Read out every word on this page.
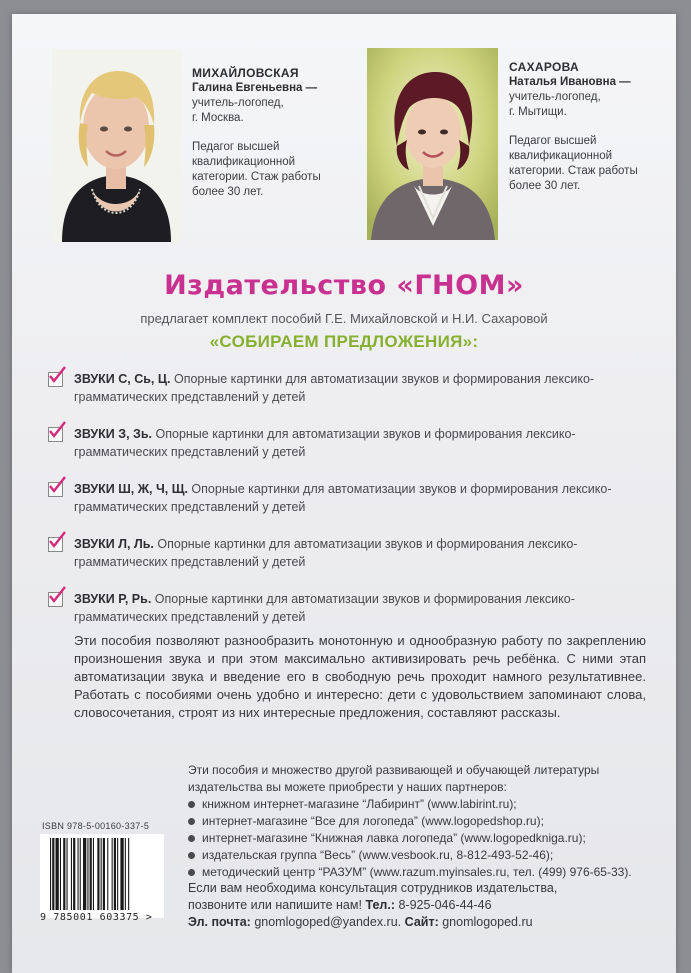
МИХАЙЛОВСКАЯ

Галина Евгеньевна —

учитель-логопед,

г. Москва.

Педагог высшей

квалификационной

категории. Стаж работы

более 30 лет.

САХАРОВА

Наталья Ивановна —

учитель-логопед,

г. Мытищи.

Педагог высшей

квалификационной

категории. Стаж работы

более 30 лет.

Издательство «ГНОМ»
предлагает комплект пособий Г.Е. Михайловской и Н.И. Сахаровой
«СОБИРАЕМ ПРЕДЛОЖЕНИЯ»:
ЗВУКИ С, Сь, Ц. Опорные картинки для автоматизации звуков и формирования лексико-грамматических представлений у детей
ЗВУКИ З, Зь. Опорные картинки для автоматизации звуков и формирования лексико-грамматических представлений у детей
ЗВУКИ Ш, Ж, Ч, Щ. Опорные картинки для автоматизации звуков и формирования лексико-грамматических представлений у детей
ЗВУКИ Л, Ль. Опорные картинки для автоматизации звуков и формирования лексико-грамматических представлений у детей
ЗВУКИ Р, Рь. Опорные картинки для автоматизации звуков и формирования лексико-грамматических представлений у детей

Эти пособия позволяют разнообразить монотонную и однообразную работу по закреплению произношения звука и при этом максимально активизировать речь ребёнка. С ними этап автоматизации звука и введение его в свободную речь проходит намного результативнее. Работать с пособиями очень удобно и интересно: дети с удовольствием запоминают слова, словосочетания, строят из них интересные предложения, составляют рассказы.

Эти пособия и множество другой развивающей и обучающей литературы издательства вы можете приобрести у наших партнеров:

книжном интернет-магазине “Лабиринт” (www.labirint.ru);
интернет-магазине “Все для логопеда” (www.logopedshop.ru);
интернет-магазине “Книжная лавка логопеда” (www.logopedkniga.ru);
издательская группа “Весь” (www.vesbook.ru, 8-812-493-52-46);
методический центр “РАЗУМ” (www.razum.myinsales.ru, тел. (499) 976-65-33).
ISBN 978-5-00160-337-5
9 785001 603375 >

Если вам необходима консультация сотрудников издательства,

позвоните или напишите нам! Тел.: 8-925-046-44-46

Эл. почта: gnomlogoped@yandex.ru. Сайт: gnomlogoped.ru
